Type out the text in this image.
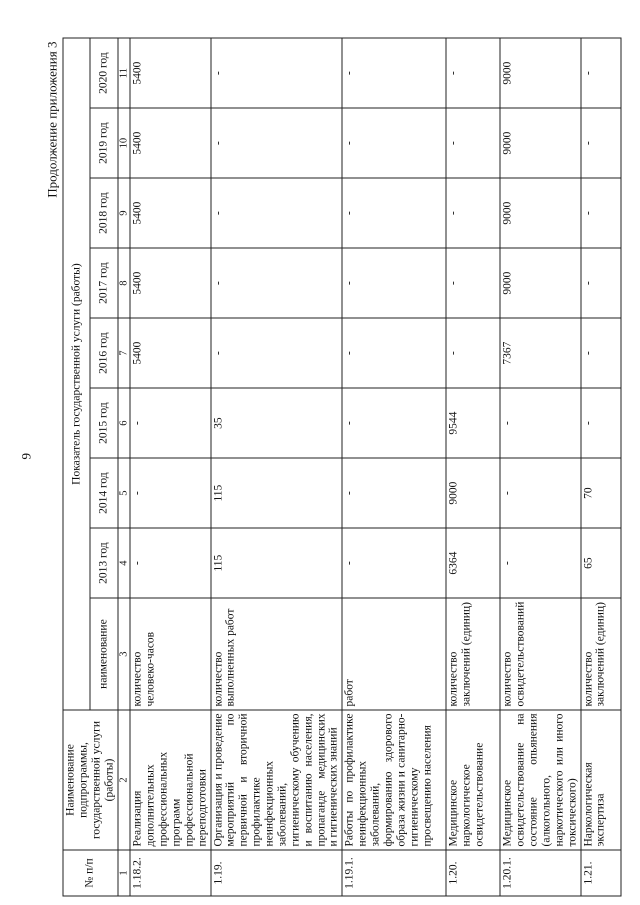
9
Продолжение приложения 3
№ п/п	Наименование подпрограммы, государственной услуги (работы)	Показатель государственной услуги (работы)								
		наименование	2013 год	2014 год	2015 год	2016 год	2017 год	2018 год	2019 год	2020 год
1	2	3	4	5	6	7	8	9	10	11
1.18.2.	Реализация дополнительных профессиональных программ профессиональной переподготовки	количество человеко-часов	-	-	-	5400	5400	5400	5400	5400
1.19.	Организация и проведение мероприятий по первичной и вторичной профилактике неинфекционных заболеваний, гигиеническому обучению и воспитанию населения, пропаганде медицинских и гигиенических знаний	количество выполненных работ	115	115	35	-	-	-	-	-
1.19.1.	Работы по профилактике неинфекционных заболеваний, формированию здорового образа жизни и санитарно-гигиеническому просвещению населения	работ	-	-	-	-	-	-	-	-
1.20.	Медицинское наркологическое освидетельствование	количество заключений (единиц)	6364	9000	9544	-	-	-	-	-
1.20.1.	Медицинское освидетельствование на состояние опьянения (алкогольного, наркотического или иного токсического)	количество освидетельствований	-	-	-	7367	9000	9000	9000	9000
1.21.	Наркологическая экспертиза	количество заключений (единиц)	65	70	-	-	-	-	-	-
